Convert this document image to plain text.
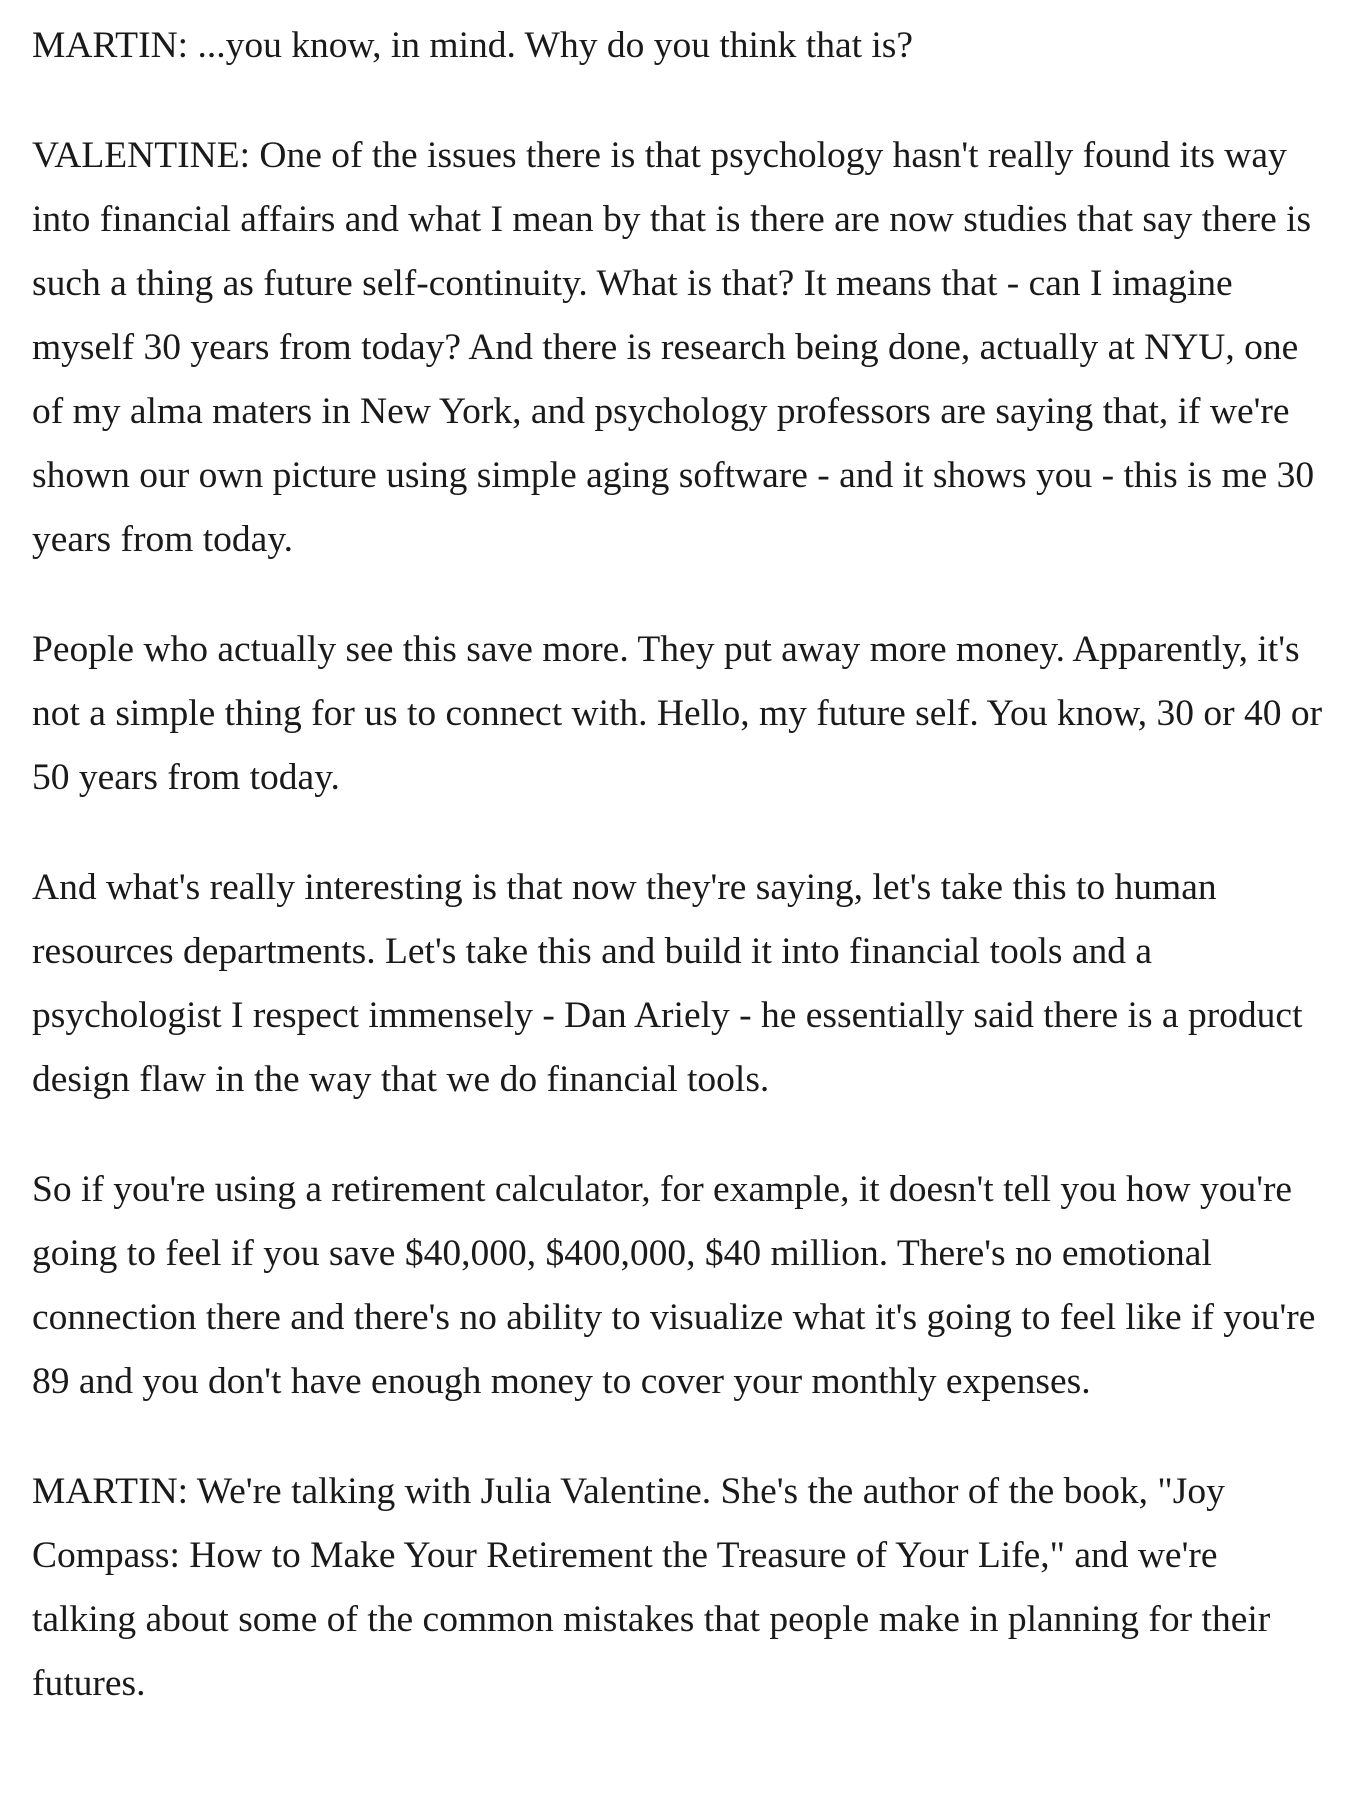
MARTIN: ...you know, in mind. Why do you think that is?

VALENTINE: One of the issues there is that psychology hasn't really found its way into financial affairs and what I mean by that is there are now studies that say there is such a thing as future self-continuity. What is that? It means that - can I imagine myself 30 years from today? And there is research being done, actually at NYU, one of my alma maters in New York, and psychology professors are saying that, if we're shown our own picture using simple aging software - and it shows you - this is me 30 years from today.

People who actually see this save more. They put away more money. Apparently, it's not a simple thing for us to connect with. Hello, my future self. You know, 30 or 40 or 50 years from today.

And what's really interesting is that now they're saying, let's take this to human resources departments. Let's take this and build it into financial tools and a psychologist I respect immensely - Dan Ariely - he essentially said there is a product design flaw in the way that we do financial tools.

So if you're using a retirement calculator, for example, it doesn't tell you how you're going to feel if you save $40,000, $400,000, $40 million. There's no emotional connection there and there's no ability to visualize what it's going to feel like if you're 89 and you don't have enough money to cover your monthly expenses.

MARTIN: We're talking with Julia Valentine. She's the author of the book, "Joy Compass: How to Make Your Retirement the Treasure of Your Life," and we're talking about some of the common mistakes that people make in planning for their futures.
